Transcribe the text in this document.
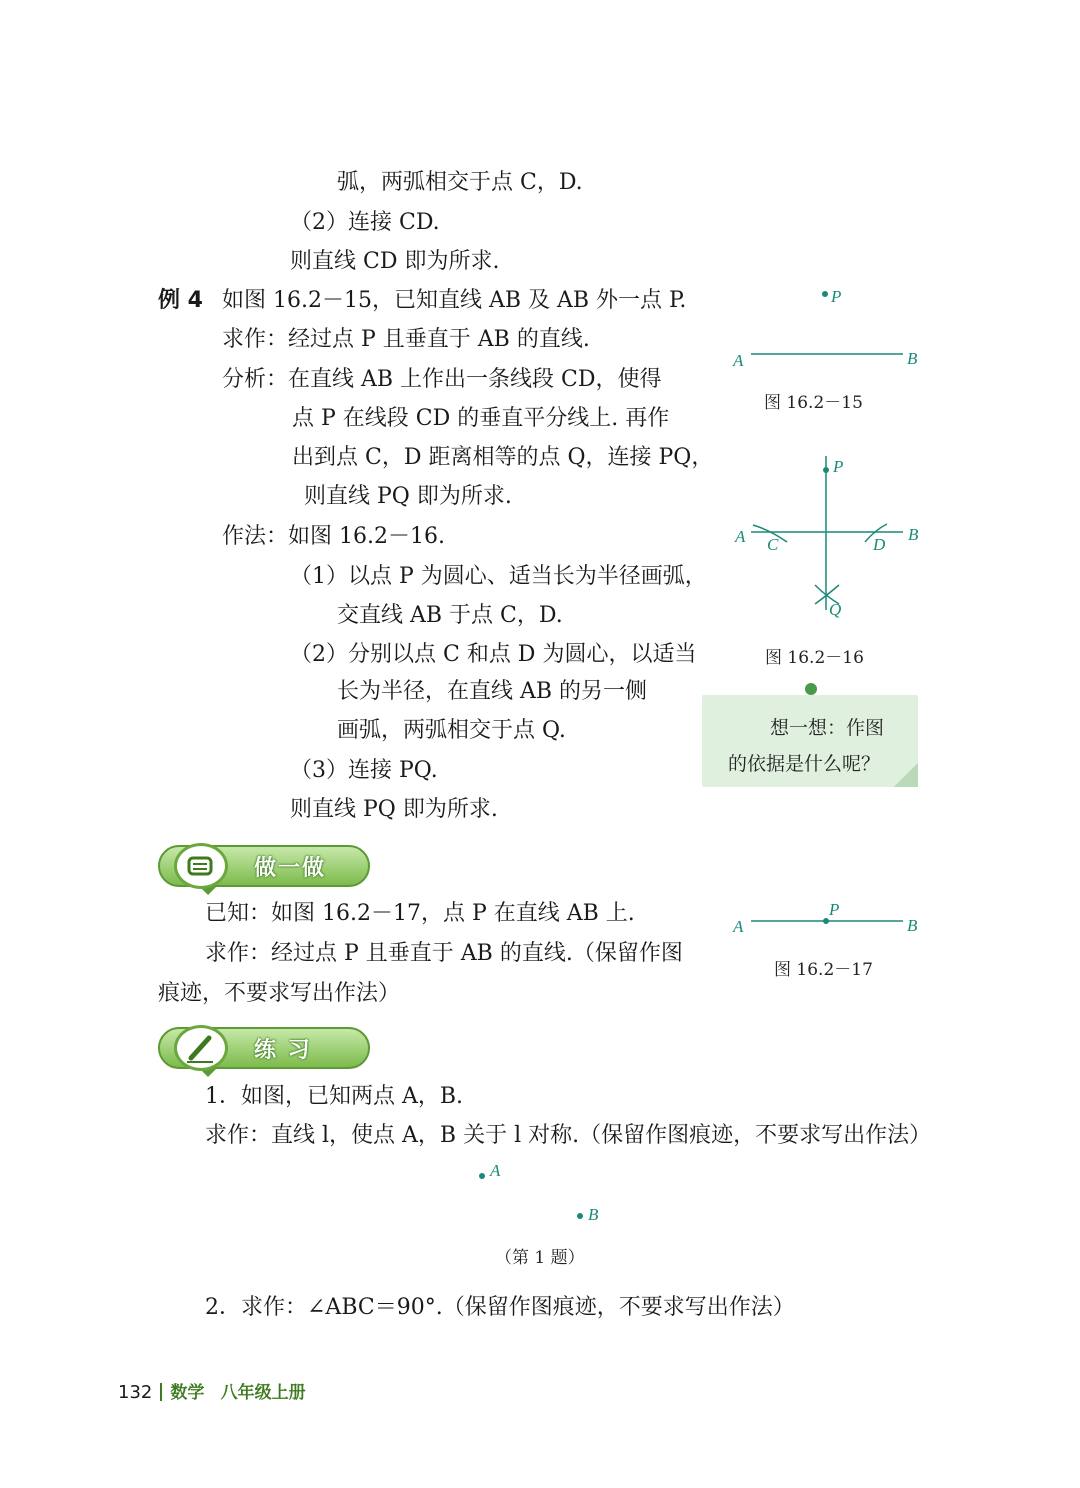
弧，两弧相交于点 C，D.
（2）连接 CD.
则直线 CD 即为所求.
例 4 如图 16.2－15，已知直线 AB 及 AB 外一点 P.
求作：经过点 P 且垂直于 AB 的直线.
分析：在直线 AB 上作出一条线段 CD，使得
点 P 在线段 CD 的垂直平分线上. 再作
出到点 C，D 距离相等的点 Q，连接 PQ，
则直线 PQ 即为所求.
作法：如图 16.2－16.
（1）以点 P 为圆心、适当长为半径画弧，
交直线 AB 于点 C，D.
（2）分别以点 C 和点 D 为圆心，以适当
长为半径，在直线 AB 的另一侧
画弧，两弧相交于点 Q.
（3）连接 PQ.
则直线 PQ 即为所求.
P
A	B
图 16.2－15
P
A C	D
B
Q
图 16.2－16
想一想：作图
的依据是什么呢？
做一做
已知：如图 16.2－17，点 P 在直线 AB 上.
求作：经过点 P 且垂直于 AB 的直线.（保留作图
痕迹，不要求写出作法）
P
A	B
图 16.2－17
练 习
1．如图，已知两点 A，B.
求作：直线 l，使点 A，B 关于 l 对称.（保留作图痕迹，不要求写出作法）
A
B
（第 1 题）
2．求作：∠ABC＝90°.（保留作图痕迹，不要求写出作法）
132 数学 八年级上册
